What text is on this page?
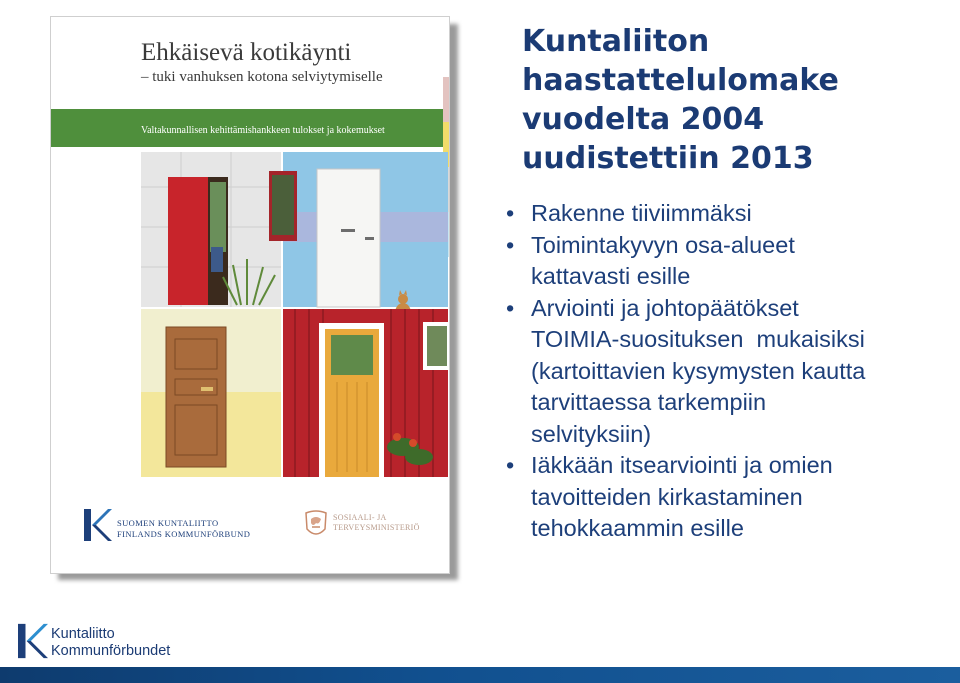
Ehkäisevä kotikäynti
– tuki vanhuksen kotona selviytymiselle
Valtakunnallisen kehittämishankkeen tulokset ja kokemukset
SUOMEN KUNTALIITTO
FINLANDS KOMMUNFÖRBUND
SOSIAALI- JA
TERVEYSMINISTERIÖ
Kuntaliiton
haastattelulomake
vuodelta 2004
uudistettiin 2013
• Rakenne tiiviimmäksi
• Toimintakyvyn osa-alueet
kattavasti esille
• Arviointi ja johtopäätökset
TOIMIA-suosituksen  mukaisiksi
(kartoittavien kysymysten kautta
tarvittaessa tarkempiin
selvityksiin)
• Iäkkään itsearviointi ja omien
tavoitteiden kirkastaminen
tehokkaammin esille
Kuntaliitto
Kommunförbundet
